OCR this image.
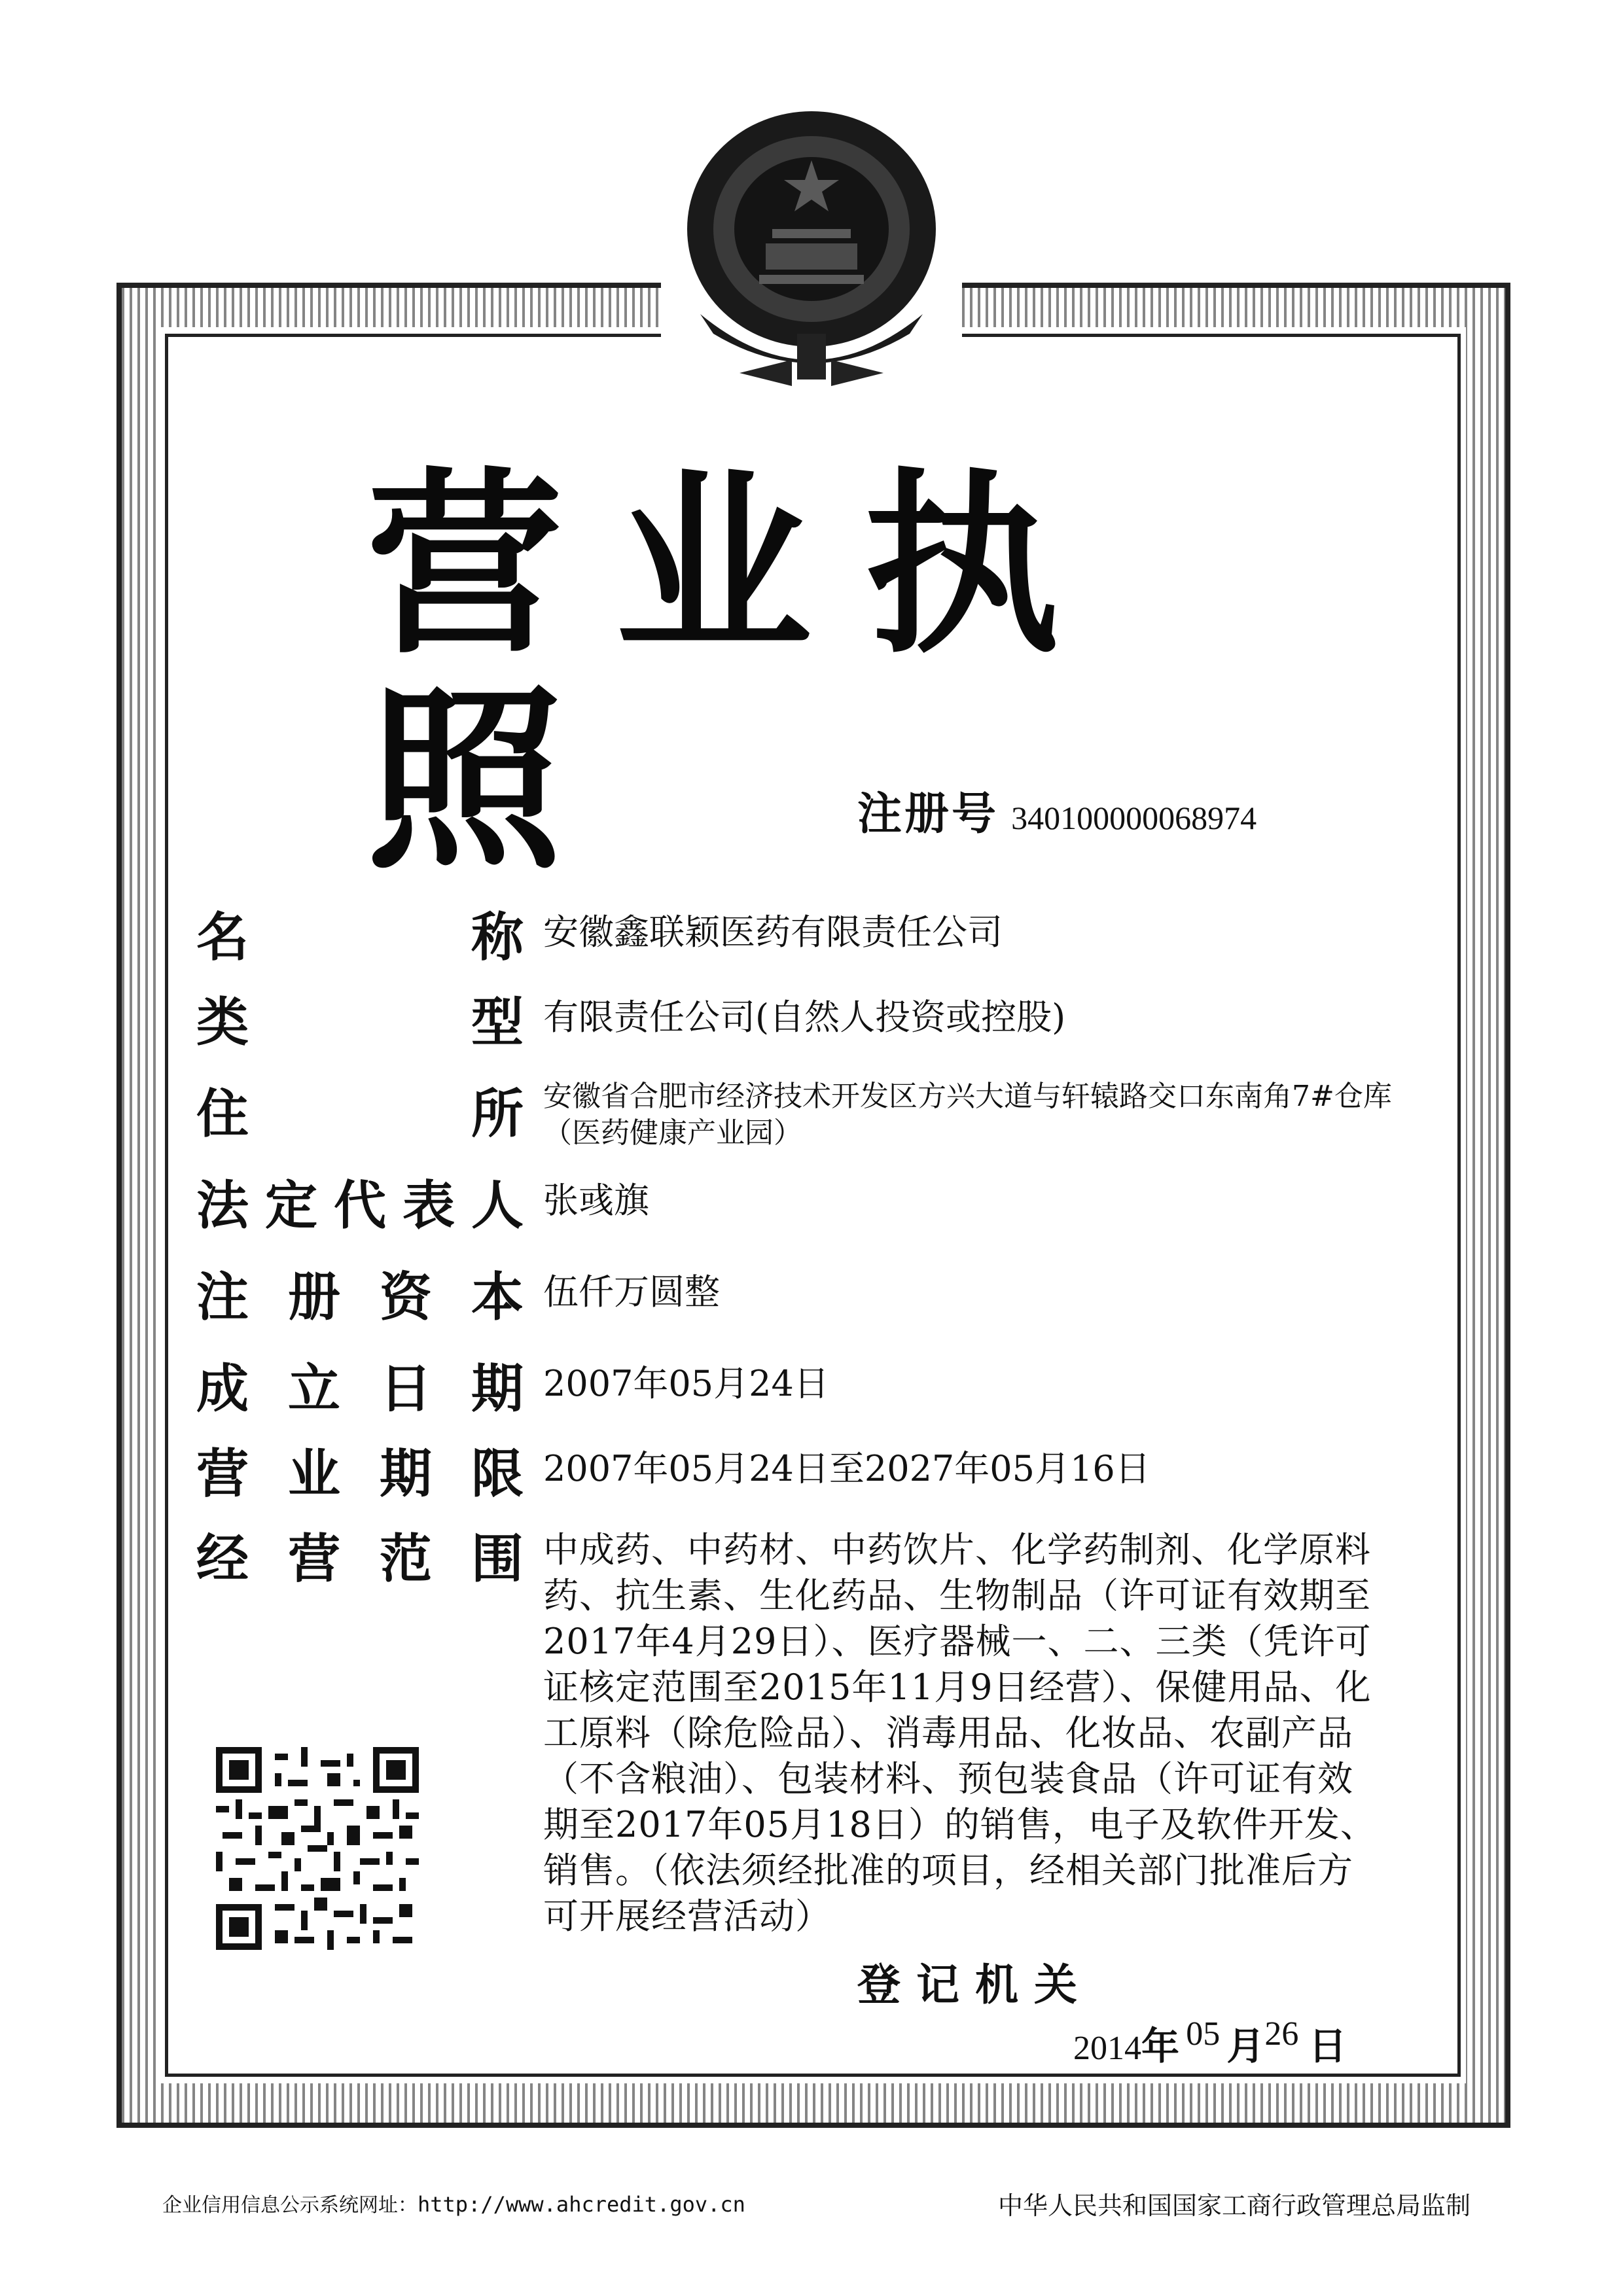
营业执照	注册号 340100000068974
名	称 安徽鑫联颖医药有限责任公司
类	型 有限责任公司(自然人投资或控股)
住	所 安徽省合肥市经济技术开发区方兴大道与轩辕路交口东南角7#仓库（医药健康产业园）
法 定 代 表 人 张彧旗
注 册 资 本 伍仟万圆整
成 立 日 期 2007年05月24日
营 业 期 限 2007年05月24日至2027年05月16日
经 营 范 围 中成药、中药材、中药饮片、化学药制剂、化学原料药、抗生素、生化药品、生物制品（许可证有效期至2017年4月29日）、医疗器械一、二、三类（凭许可证核定范围至2015年11月9日经营）、保健用品、化工原料（除危险品）、消毒用品、化妆品、农副产品（不含粮油）、包装材料、预包装食品（许可证有效期至2017年05月18日）的销售，电子及软件开发、销售。（依法须经批准的项目，经相关部门批准后方可开展经营活动）
登记机关
2014年 05 月26 日
企业信用信息公示系统网址：http://www.ahcredit.gov.cn	中华人民共和国国家工商行政管理总局监制
